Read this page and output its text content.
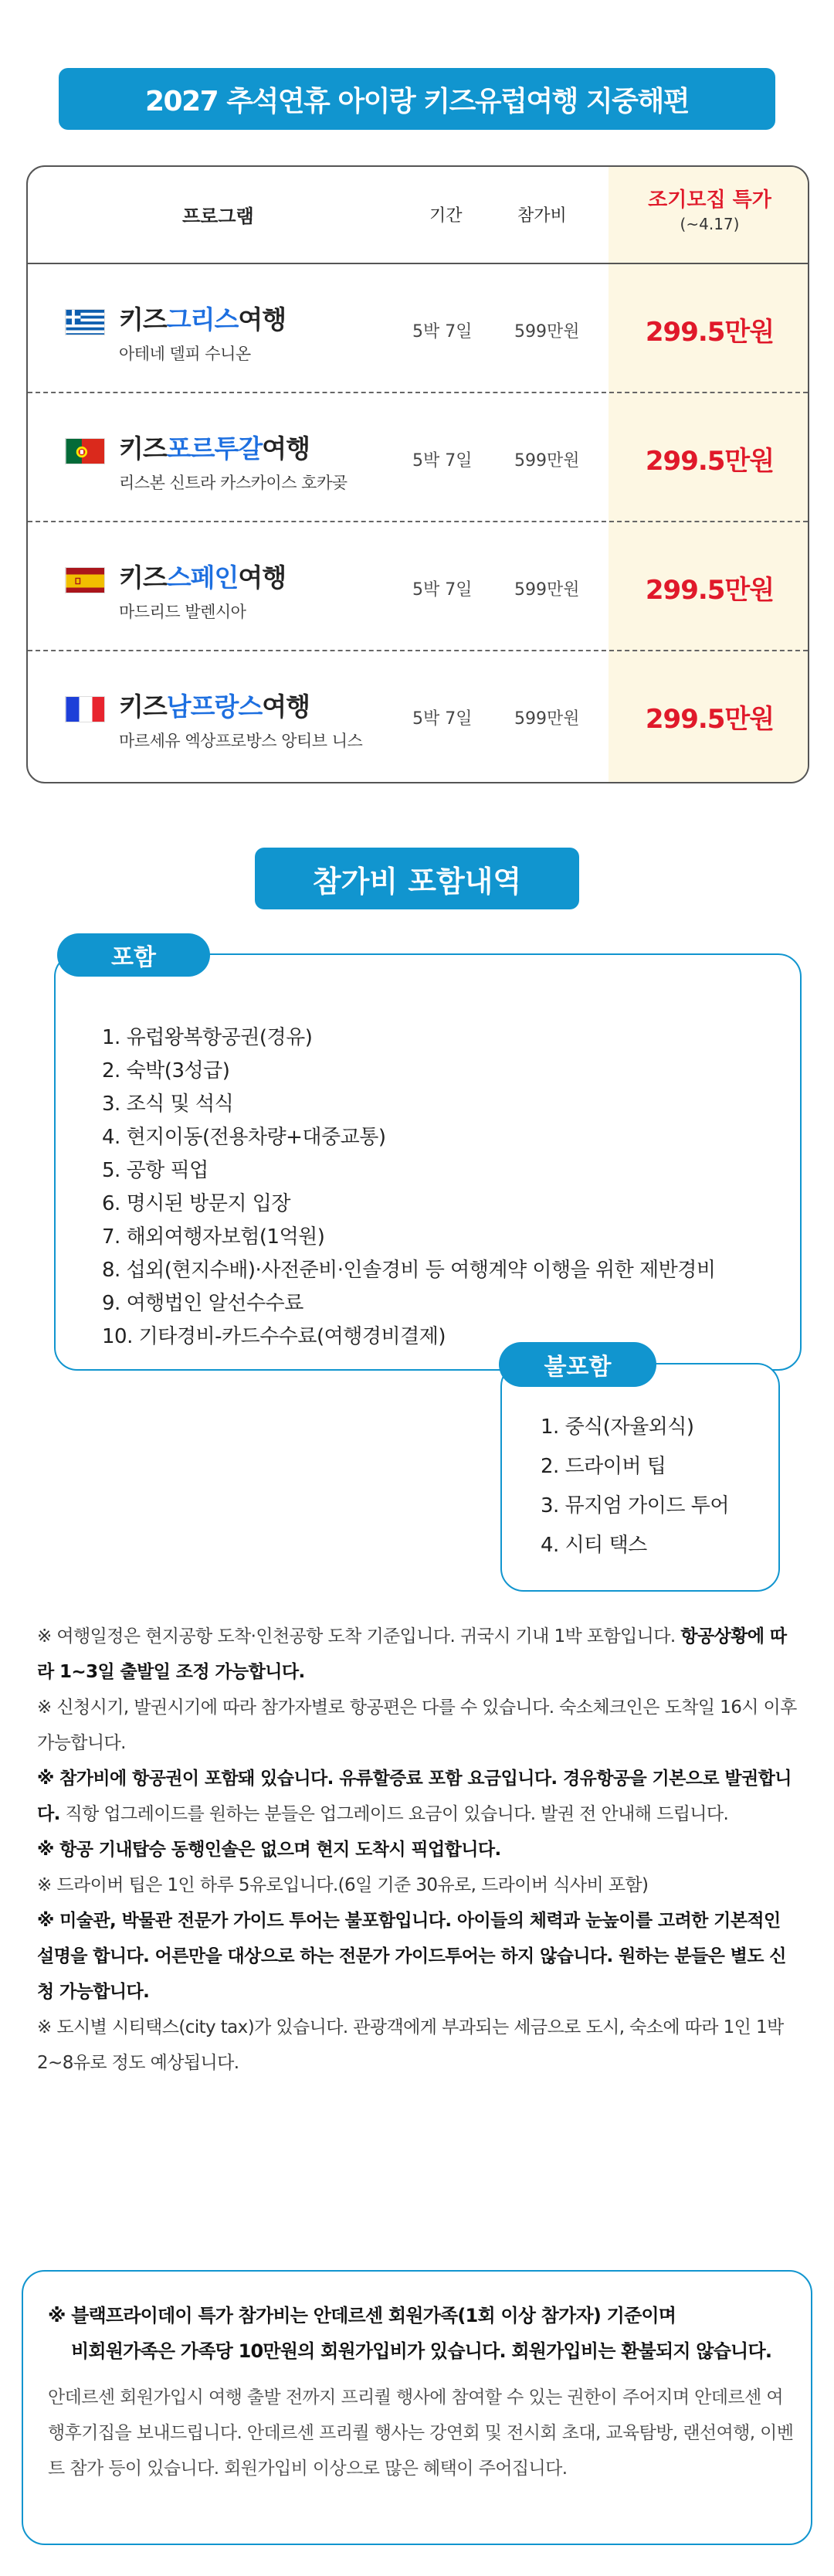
2027 추석연휴 아이랑 키즈유럽여행 지중해편
프로그램	기간	참가비
조기모집 특가
(~4.17)
키즈그리스여행
아테네 델피 수니온
5박 7일 599만원	299.5만원
키즈포르투갈여행
리스본 신트라 카스카이스 호카곶
5박 7일 599만원	299.5만원
키즈스페인여행
마드리드 발렌시아
5박 7일 599만원	299.5만원
키즈남프랑스여행
마르세유 엑상프로방스 앙티브 니스
5박 7일 599만원	299.5만원
참가비 포함내역
포함
1. 유럽왕복항공권(경유)
2. 숙박(3성급)
3. 조식 및 석식
4. 현지이동(전용차량+대중교통)
5. 공항 픽업
6. 명시된 방문지 입장
7. 해외여행자보험(1억원)
8. 섭외(현지수배)·사전준비·인솔경비 등 여행계약 이행을 위한 제반경비
9. 여행법인 알선수수료
10. 기타경비-카드수수료(여행경비결제)
불포함
1. 중식(자율외식)
2. 드라이버 팁
3. 뮤지엄 가이드 투어
4. 시티 택스

※ 여행일정은 현지공항 도착·인천공항 도착 기준입니다. 귀국시 기내 1박 포함입니다. 항공상황에 따라 1~3일 출발일 조정 가능합니다.

※ 신청시기, 발권시기에 따라 참가자별로 항공편은 다를 수 있습니다. 숙소체크인은 도착일 16시 이후 가능합니다.

※ 참가비에 항공권이 포함돼 있습니다. 유류할증료 포함 요금입니다. 경유항공을 기본으로 발권합니다. 직항 업그레이드를 원하는 분들은 업그레이드 요금이 있습니다. 발권 전 안내해 드립니다.

※ 항공 기내탑승 동행인솔은 없으며 현지 도착시 픽업합니다.

※ 드라이버 팁은 1인 하루 5유로입니다.(6일 기준 30유로, 드라이버 식사비 포함)

※ 미술관, 박물관 전문가 가이드 투어는 불포함입니다. 아이들의 체력과 눈높이를 고려한 기본적인 설명을 합니다. 어른만을 대상으로 하는 전문가 가이드투어는 하지 않습니다. 원하는 분들은 별도 신청 가능합니다.

※ 도시별 시티택스(city tax)가 있습니다. 관광객에게 부과되는 세금으로 도시, 숙소에 따라 1인 1박 2~8유로 정도 예상됩니다.

※ 블랙프라이데이 특가 참가비는 안데르센 회원가족(1회 이상 참가자) 기준이며
비회원가족은 가족당 10만원의 회원가입비가 있습니다. 회원가입비는 환불되지 않습니다.
안데르센 회원가입시 여행 출발 전까지 프리퀄 행사에 참여할 수 있는 권한이 주어지며 안데르센 여행후기집을 보내드립니다. 안데르센 프리퀄 행사는 강연회 및 전시회 초대, 교육탐방, 랜선여행, 이벤트 참가 등이 있습니다. 회원가입비 이상으로 많은 혜택이 주어집니다.
